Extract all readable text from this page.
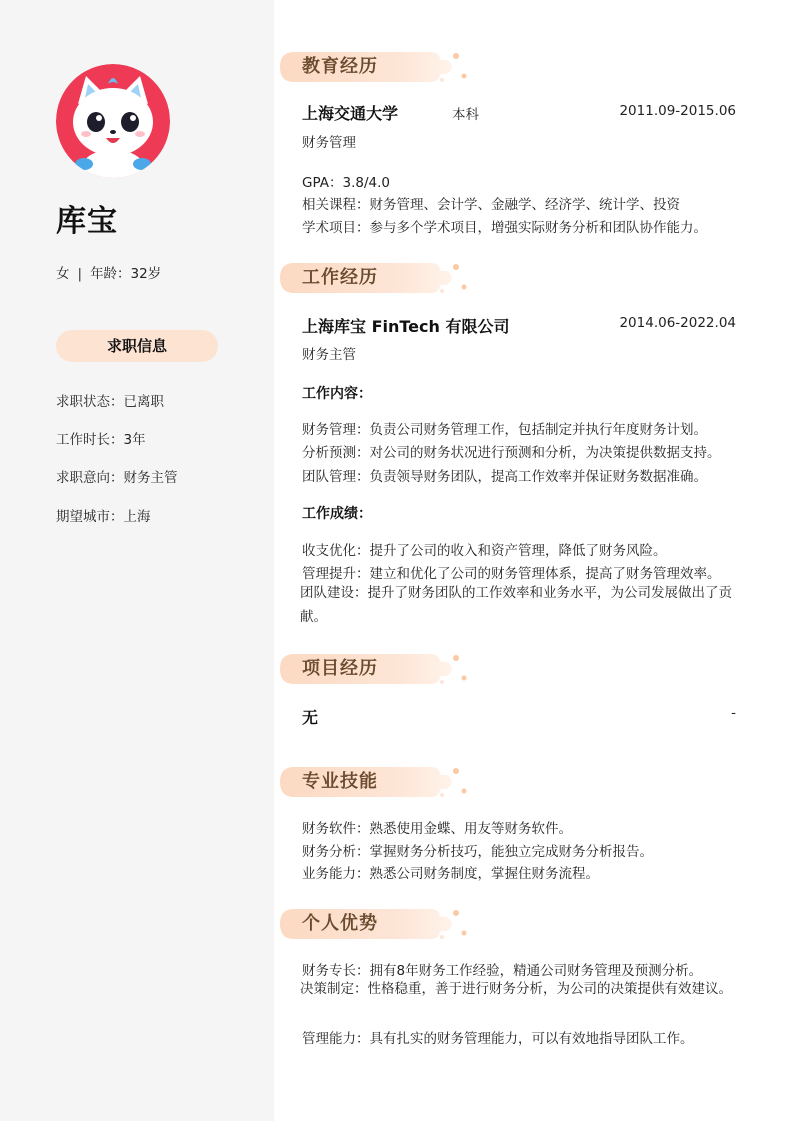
库宝
女 | 年龄：32岁
求职信息
求职状态：已离职
工作时长：3年
求职意向：财务主管
期望城市：上海
教育经历
上海交通大学	本科	2011.09-2015.06
财务管理
GPA：3.8/4.0
相关课程：财务管理、会计学、金融学、经济学、统计学、投资
学术项目：参与多个学术项目，增强实际财务分析和团队协作能力。
工作经历
上海库宝 FinTech 有限公司	2014.06-2022.04
财务主管
工作内容：
财务管理：负责公司财务管理工作，包括制定并执行年度财务计划。
分析预测：对公司的财务状况进行预测和分析，为决策提供数据支持。
团队管理：负责领导财务团队，提高工作效率并保证财务数据准确。
工作成绩：
收支优化：提升了公司的收入和资产管理，降低了财务风险。
管理提升：建立和优化了公司的财务管理体系，提高了财务管理效率。
团队建设：提升了财务团队的工作效率和业务水平，为公司发展做出了贡献。
项目经历
无	-
专业技能
财务软件：熟悉使用金蝶、用友等财务软件。
财务分析：掌握财务分析技巧，能独立完成财务分析报告。
业务能力：熟悉公司财务制度，掌握住财务流程。
个人优势
财务专长：拥有8年财务工作经验，精通公司财务管理及预测分析。
决策制定：性格稳重，善于进行财务分析，为公司的决策提供有效建议。
管理能力：具有扎实的财务管理能力，可以有效地指导团队工作。
